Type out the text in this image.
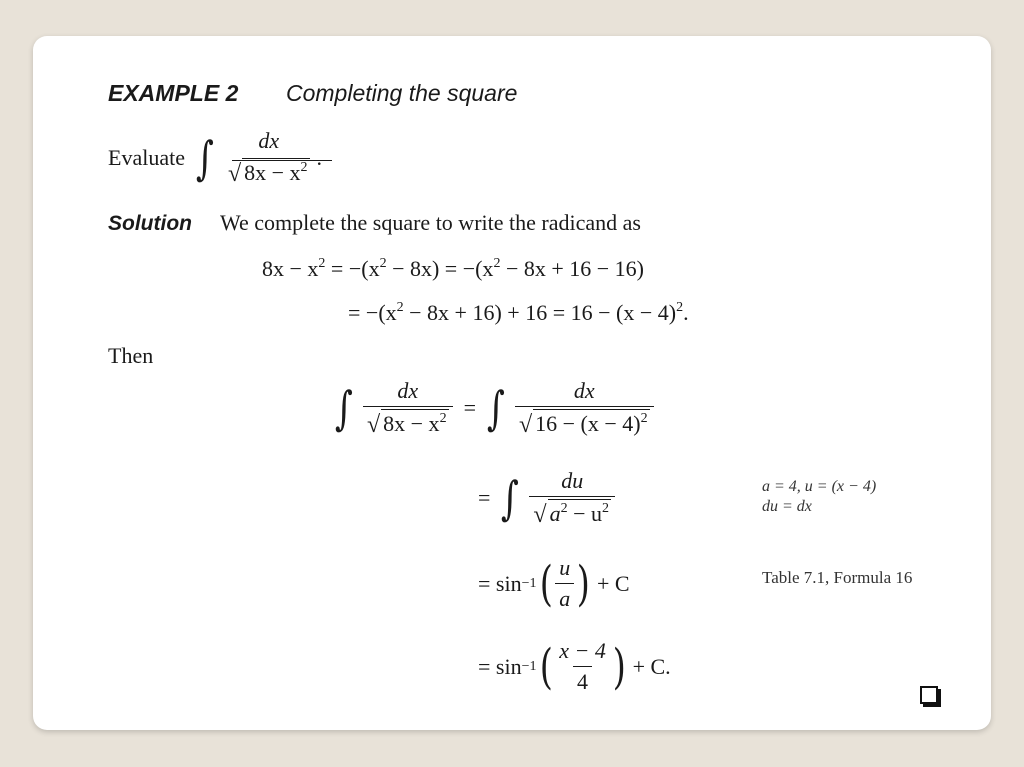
EXAMPLE 2 Completing the square
Evaluate ∫ dx
√ $8x - x^2$ .
Solution We complete the square to write the radicand as
$8x - x^2 = -(x^2 - 8x) = -(x^2 - 8x + 16 - 16)$
= $-(x^2 - 8x + 16) + 16 = 16 - (x - 4)^2$.
Then
∫ $\frac{dx}{√ 8x - x^2}$ = ∫ $\frac{dx}{√ 16 - (x - 4)^2}$
= ∫ $\frac{du}{√ a^2 - u^2}$	a = 4, u = (x − 4)
du = dx
= sin −1 ( $\frac{u}{a}$ ) + C	Table 7.1, Formula 16
= sin −1 ( $\frac{x - 4}{4}$ ) + C.
